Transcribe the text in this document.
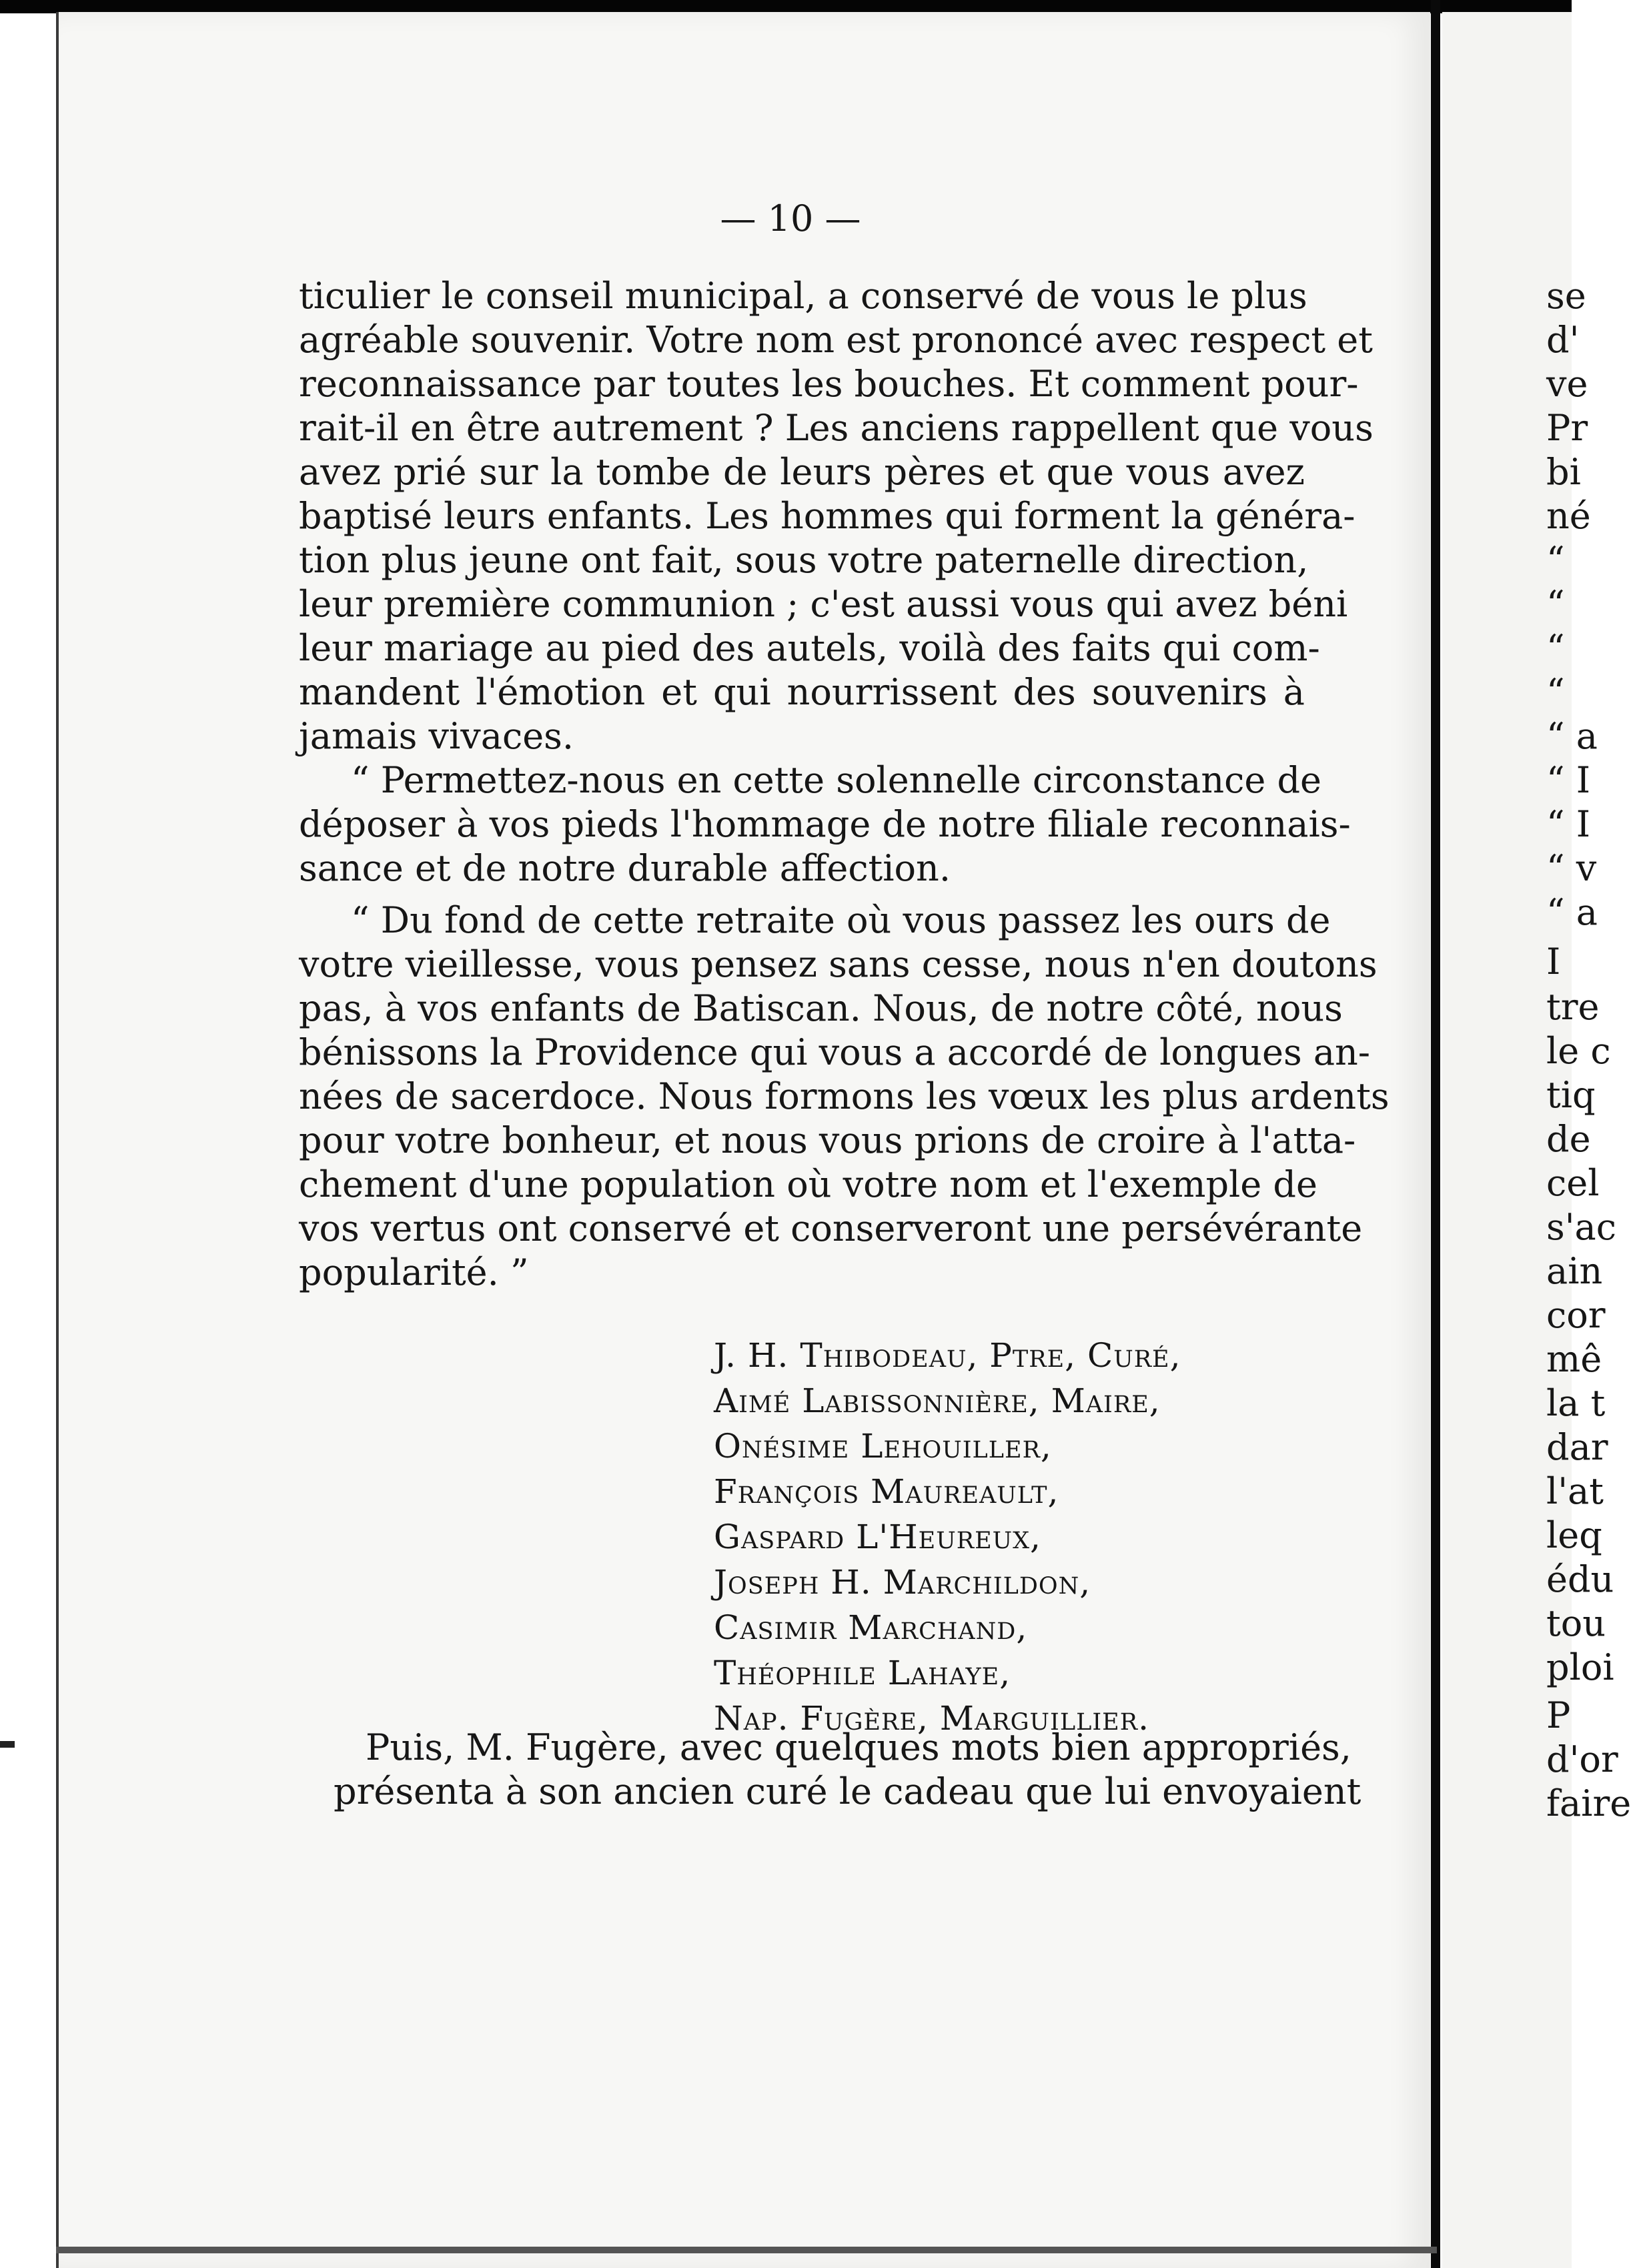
— 10 —

ticulier le conseil municipal, a conservé de vous le plus

agréable souvenir. Votre nom est prononcé avec respect et

reconnaissance par toutes les bouches. Et comment pour-

rait-il en être autrement ? Les anciens rappellent que vous

avez prié sur la tombe de leurs pères et que vous avez

baptisé leurs enfants. Les hommes qui forment la généra-

tion plus jeune ont fait, sous votre paternelle direction,

leur première communion ; c'est aussi vous qui avez béni

leur mariage au pied des autels, voilà des faits qui com-

mandent l'émotion et qui nourrissent des souvenirs à

jamais vivaces.

“ Permettez-nous en cette solennelle circonstance de

déposer à vos pieds l'hommage de notre filiale reconnais-

sance et de notre durable affection.

“ Du fond de cette retraite où vous passez les ours de

votre vieillesse, vous pensez sans cesse, nous n'en doutons

pas, à vos enfants de Batiscan. Nous, de notre côté, nous

bénissons la Providence qui vous a accordé de longues an-

nées de sacerdoce. Nous formons les vœux les plus ardents

pour votre bonheur, et nous vous prions de croire à l'atta-

chement d'une population où votre nom et l'exemple de

vos vertus ont conservé et conserveront une persévérante

popularité. ”

J. H. Thibodeau, Ptre, Curé,

Aimé Labissonnière, Maire,

Onésime Lehouiller,

François Maureault,

Gaspard L'Heureux,

Joseph H. Marchildon,

Casimir Marchand,

Théophile Lahaye,

Nap. Fugère, Marguillier.

Puis, M. Fugère, avec quelques mots bien appropriés,

présenta à son ancien curé le cadeau que lui envoyaient

se
d'
ve
Pr
bi
né
“
“
“
“
“ a
“ I
“ I
“ v
“ a
I
tre
le c
tiq
de
cel
s'ac
ain
cor
mê
la t
dar
l'at
leq
édu
tou
ploi
P
d'or
faire
